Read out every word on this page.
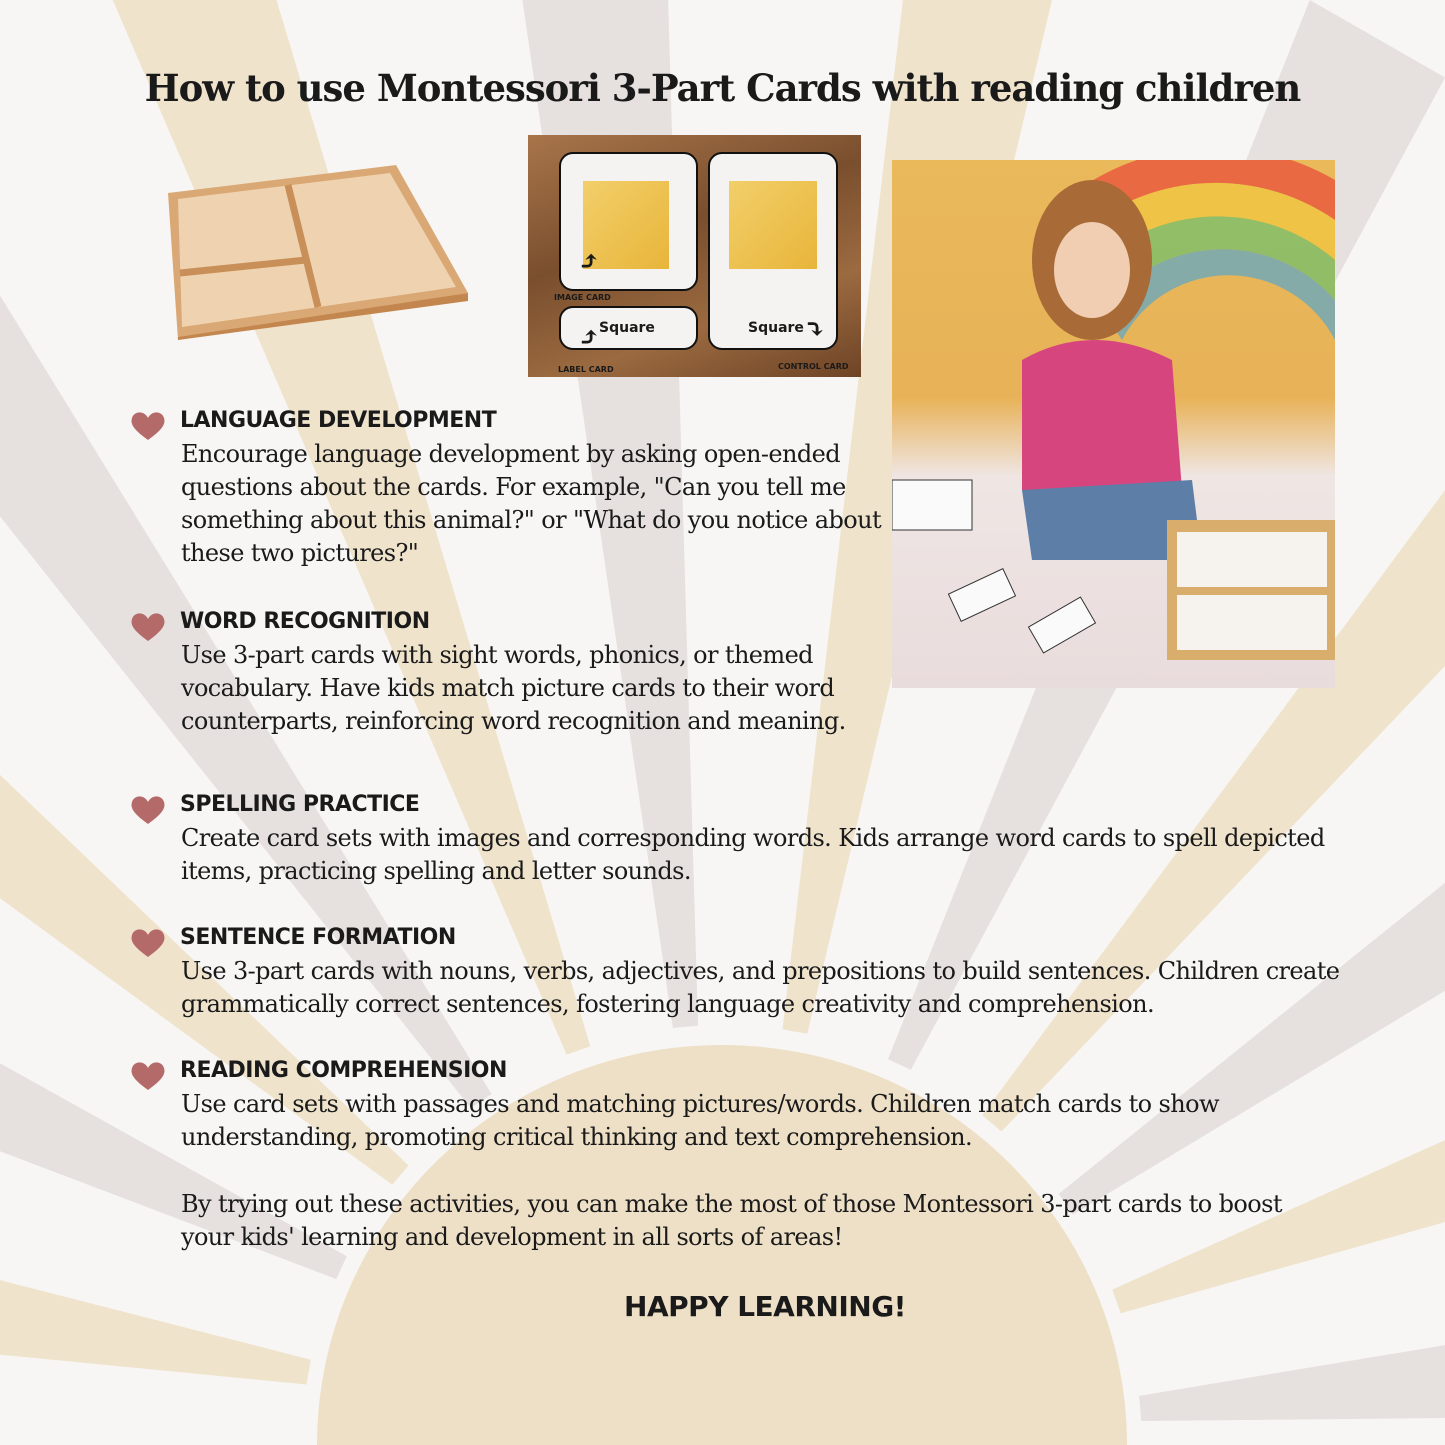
How to use Montessori 3-Part Cards with reading children
Square	Square
⤴
⤴	⤵
IMAGE CARD
LABEL CARD	CONTROL CARD
LANGUAGE DEVELOPMENT
Encourage language development by asking open-ended questions about the cards. For example, "Can you tell me something about this animal?" or "What do you notice about these two pictures?"
WORD RECOGNITION
Use 3-part cards with sight words, phonics, or themed vocabulary. Have kids match picture cards to their word counterparts, reinforcing word recognition and meaning.
SPELLING PRACTICE
Create card sets with images and corresponding words. Kids arrange word cards to spell depicted items, practicing spelling and letter sounds.
SENTENCE FORMATION
Use 3-part cards with nouns, verbs, adjectives, and prepositions to build sentences. Children create grammatically correct sentences, fostering language creativity and comprehension.
READING COMPREHENSION
Use card sets with passages and matching pictures/words. Children match cards to show understanding, promoting critical thinking and text comprehension.
By trying out these activities, you can make the most of those Montessori 3-part cards to boost your kids' learning and development in all sorts of areas!
HAPPY LEARNING!
